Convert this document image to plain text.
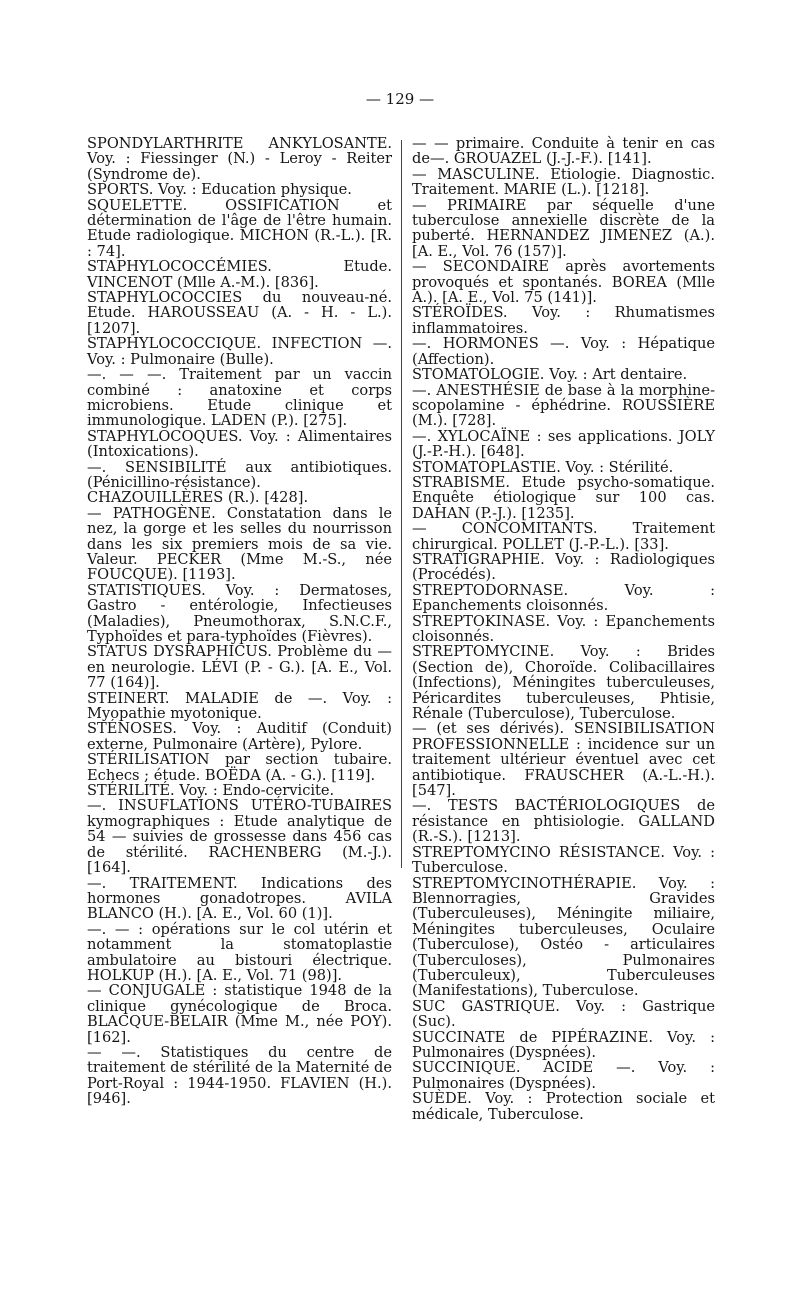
— 129 —

SPONDYLARTHRITE ANKYLOSANTE. Voy. : Fiessinger (N.) - Leroy - Reiter (Syndrome de).

SPORTS. Voy. : Education physique.

SQUELETTE. OSSIFICATION et détermination de l'âge de l'être humain. Etude radiologique. MICHON (R.-L.). [R. : 74].

STAPHYLOCOCCÉMIES. Etude. VINCENOT (Mlle A.-M.). [836].

STAPHYLOCOCCIES du nouveau-né. Etude. HAROUSSEAU (A. - H. - L.). [1207].

STAPHYLOCOCCIQUE. INFECTION —. Voy. : Pulmonaire (Bulle).

—. — —. Traitement par un vaccin combiné : anatoxine et corps microbiens. Etude clinique et immunologique. LADEN (P.). [275].

STAPHYLOCOQUES. Voy. : Alimentaires (Intoxications).

—. SENSIBILITÉ aux antibiotiques. (Pénicillino-résistance). CHAZOUILLÈRES (R.). [428].

— PATHOGÈNE. Constatation dans le nez, la gorge et les selles du nourrisson dans les six premiers mois de sa vie. Valeur. PECKER (Mme M.-S., née FOUCQUE). [1193].

STATISTIQUES. Voy. : Dermatoses, Gastro - entérologie, Infectieuses (Maladies), Pneumothorax, S.N.C.F., Typhoïdes et para-typhoïdes (Fièvres).

STATUS DYSRAPHICUS. Problème du — en neurologie. LÉVI (P. - G.). [A. E., Vol. 77 (164)].

STEINERT. MALADIE de —. Voy. : Myopathie myotonique.

STÉNOSES. Voy. : Auditif (Conduit) externe, Pulmonaire (Artère), Pylore.

STÉRILISATION par section tubaire. Echecs ; étude. BOËDA (A. - G.). [119].

STÉRILITÉ. Voy. : Endo-cervicite.

—. INSUFLATIONS UTÉRO-TUBAIRES kymographiques : Etude analytique de 54 — suivies de grossesse dans 456 cas de stérilité. RACHENBERG (M.-J.). [164].

—. TRAITEMENT. Indications des hormones gonadotropes. AVILA BLANCO (H.). [A. E., Vol. 60 (1)].

—. — : opérations sur le col utérin et notamment la stomatoplastie ambulatoire au bistouri électrique. HOLKUP (H.). [A. E., Vol. 71 (98)].

— CONJUGALE : statistique 1948 de la clinique gynécologique de Broca. BLACQUE-BELAIR (Mme M., née POY). [162].

— —. Statistiques du centre de traitement de stérilité de la Maternité de Port-Royal : 1944-1950. FLAVIEN (H.). [946].

— — primaire. Conduite à tenir en cas de—. GROUAZEL (J.-J.-F.). [141].

— MASCULINE. Etiologie. Diagnostic. Traitement. MARIE (L.). [1218].

— PRIMAIRE par séquelle d'une tuberculose annexielle discrète de la puberté. HERNANDEZ JIMENEZ (A.). [A. E., Vol. 76 (157)].

— SECONDAIRE après avortements provoqués et spontanés. BOREA (Mlle A.). [A. E., Vol. 75 (141)].

STÉROÏDES. Voy. : Rhumatismes inflammatoires.

—. HORMONES —. Voy. : Hépatique (Affection).

STOMATOLOGIE. Voy. : Art dentaire.

—. ANESTHÉSIE de base à la morphine-scopolamine - éphédrine. ROUSSIÈRE (M.). [728].

—. XYLOCAÏNE : ses applications. JOLY (J.-P.-H.). [648].

STOMATOPLASTIE. Voy. : Stérilité.

STRABISME. Etude psycho-somatique. Enquête étiologique sur 100 cas. DAHAN (P.-J.). [1235].

— CONCOMITANTS. Traitement chirurgical. POLLET (J.-P.-L.). [33].

STRATIGRAPHIE. Voy. : Radiologiques (Procédés).

STREPTODORNASE. Voy. : Epanchements cloisonnés.

STREPTOKINASE. Voy. : Epanchements cloisonnés.

STREPTOMYCINE. Voy. : Brides (Section de), Choroïde. Colibacillaires (Infections), Méningites tuberculeuses, Péricardites tuberculeuses, Phtisie, Rénale (Tuberculose), Tuberculose.

— (et ses dérivés). SENSIBILISATION PROFESSIONNELLE : incidence sur un traitement ultérieur éventuel avec cet antibiotique. FRAUSCHER (A.-L.-H.). [547].

—. TESTS BACTÉRIOLOGIQUES de résistance en phtisiologie. GALLAND (R.-S.). [1213].

STREPTOMYCINO RÉSISTANCE. Voy. : Tuberculose.

STREPTOMYCINOTHÉRAPIE. Voy. : Blennorragies, Gravides (Tuberculeuses), Méningite miliaire, Méningites tuberculeuses, Oculaire (Tuberculose), Ostéo - articulaires (Tuberculoses), Pulmonaires (Tuberculeux), Tuberculeuses (Manifestations), Tuberculose.

SUC GASTRIQUE. Voy. : Gastrique (Suc).

SUCCINATE de PIPÉRAZINE. Voy. : Pulmonaires (Dyspnées).

SUCCINIQUE. ACIDE —. Voy. : Pulmonaires (Dyspnées).

SUÈDE. Voy. : Protection sociale et médicale, Tuberculose.
